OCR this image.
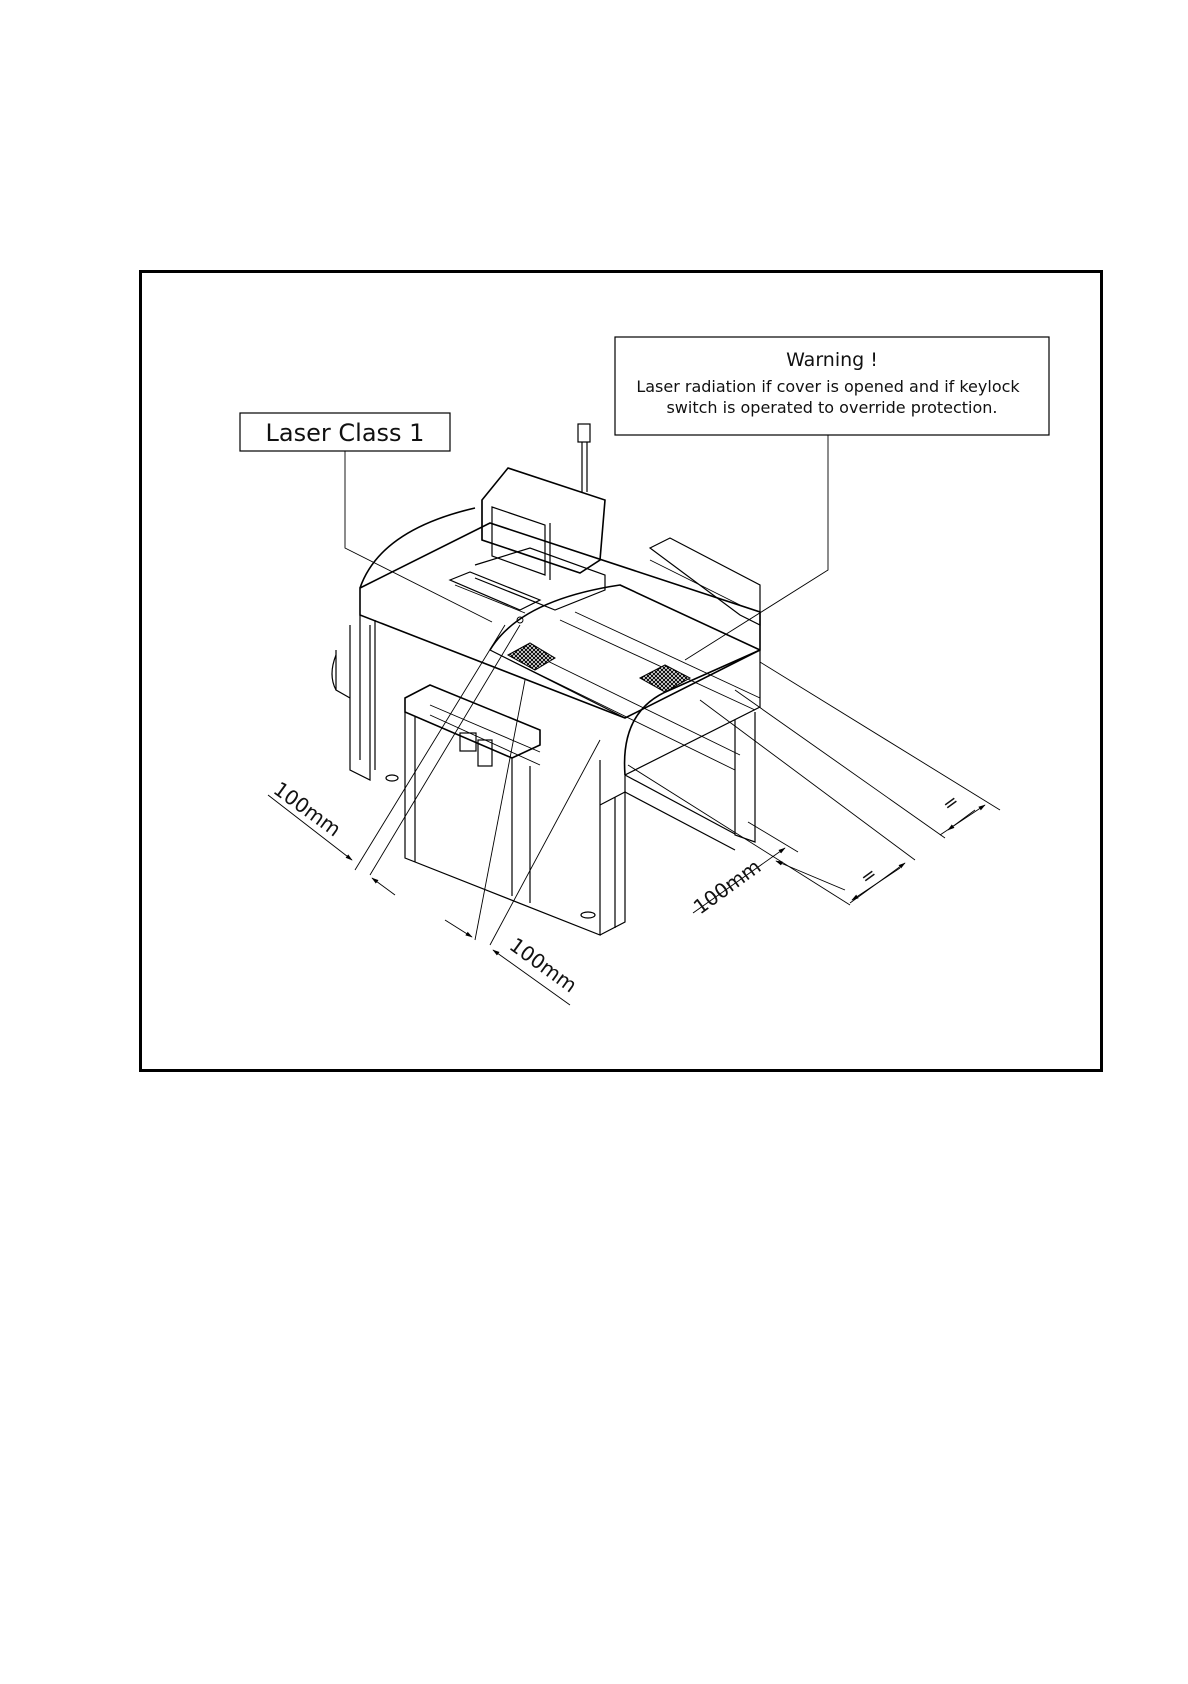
Laser Class 1
Warning !
Laser radiation if cover is opened and if keylock
switch is operated to override protection.
100mm
100mm
100mm
=
=
